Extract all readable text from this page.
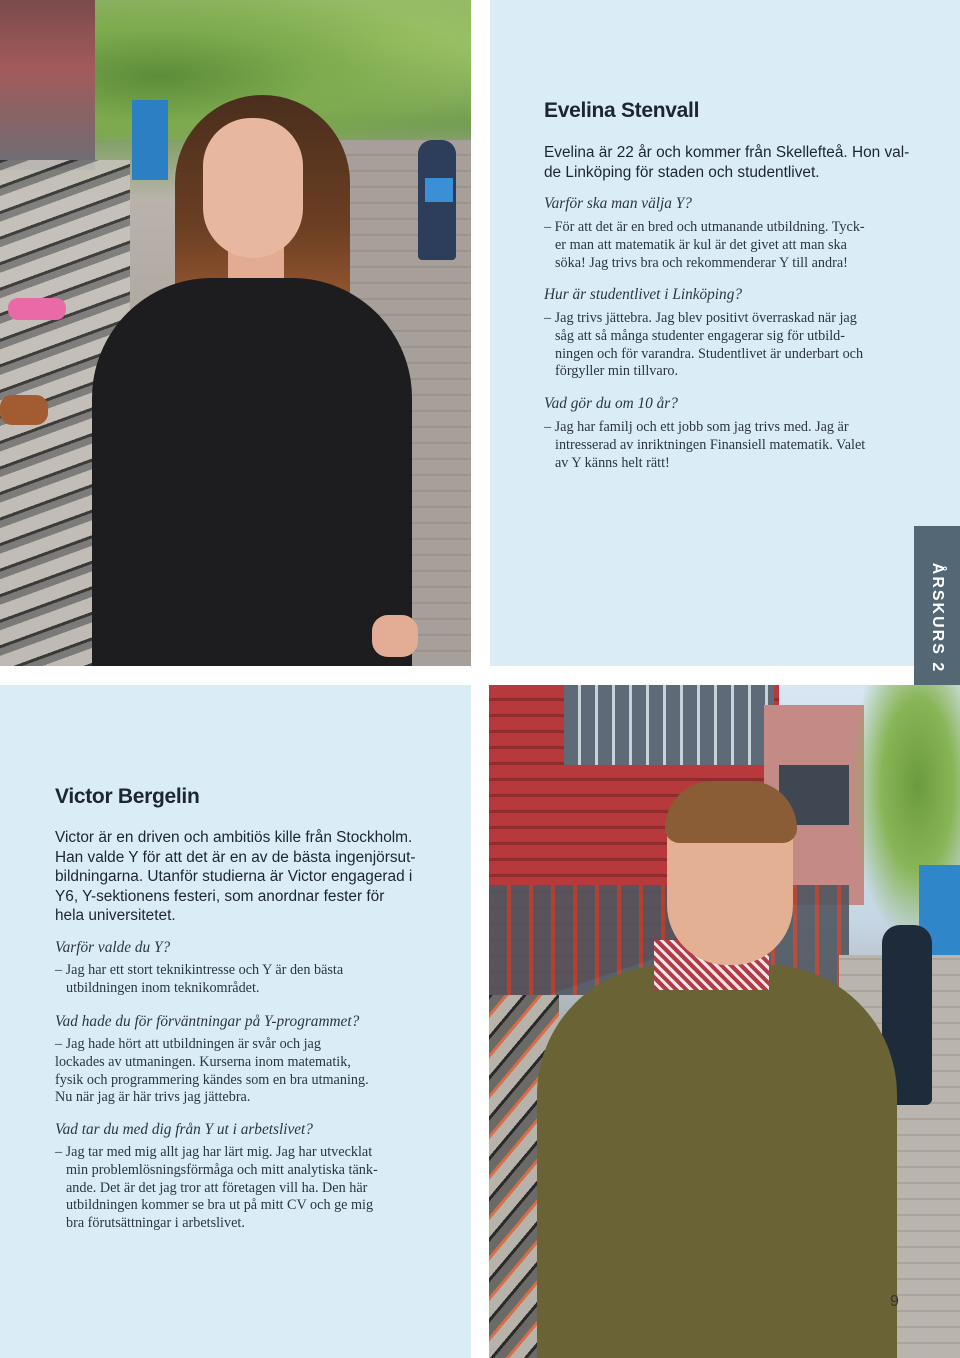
Evelina Stenvall
Evelina är 22 år och kommer från Skellefteå. Hon val-
de Linköping för staden och studentlivet.
Varför ska man välja Y?
– För att det är en bred och utmanande utbildning. Tyck-
er man att matematik är kul är det givet att man ska
söka! Jag trivs bra och rekommenderar Y till andra!
Hur är studentlivet i Linköping?
– Jag trivs jättebra. Jag blev positivt överraskad när jag
såg att så många studenter engagerar sig för utbild-
ningen och för varandra. Studentlivet är underbart och
förgyller min tillvaro.
Vad gör du om 10 år?
– Jag har familj och ett jobb som jag trivs med. Jag är
intresserad av inriktningen Finansiell matematik. Valet
av Y känns helt rätt!
ÅRSKURS 2
Victor Bergelin
Victor är en driven och ambitiös kille från Stockholm.
Han valde Y för att det är en av de bästa ingenjörsut-
bildningarna. Utanför studierna är Victor engagerad i
Y6, Y-sektionens festeri, som anordnar fester för
hela universitetet.
Varför valde du Y?
– Jag har ett stort teknikintresse och Y är den bästa
utbildningen inom teknikområdet.
Vad hade du för förväntningar på Y-programmet?
– Jag hade hört att utbildningen är svår och jag
lockades av utmaningen. Kurserna inom matematik,
fysik och programmering kändes som en bra utmaning.
Nu när jag är här trivs jag jättebra.
Vad tar du med dig från Y ut i arbetslivet?
– Jag tar med mig allt jag har lärt mig. Jag har utvecklat
min problemlösningsförmåga och mitt analytiska tänk-
ande. Det är det jag tror att företagen vill ha. Den här
utbildningen kommer se bra ut på mitt CV och ge mig
bra förutsättningar i arbetslivet.
9
